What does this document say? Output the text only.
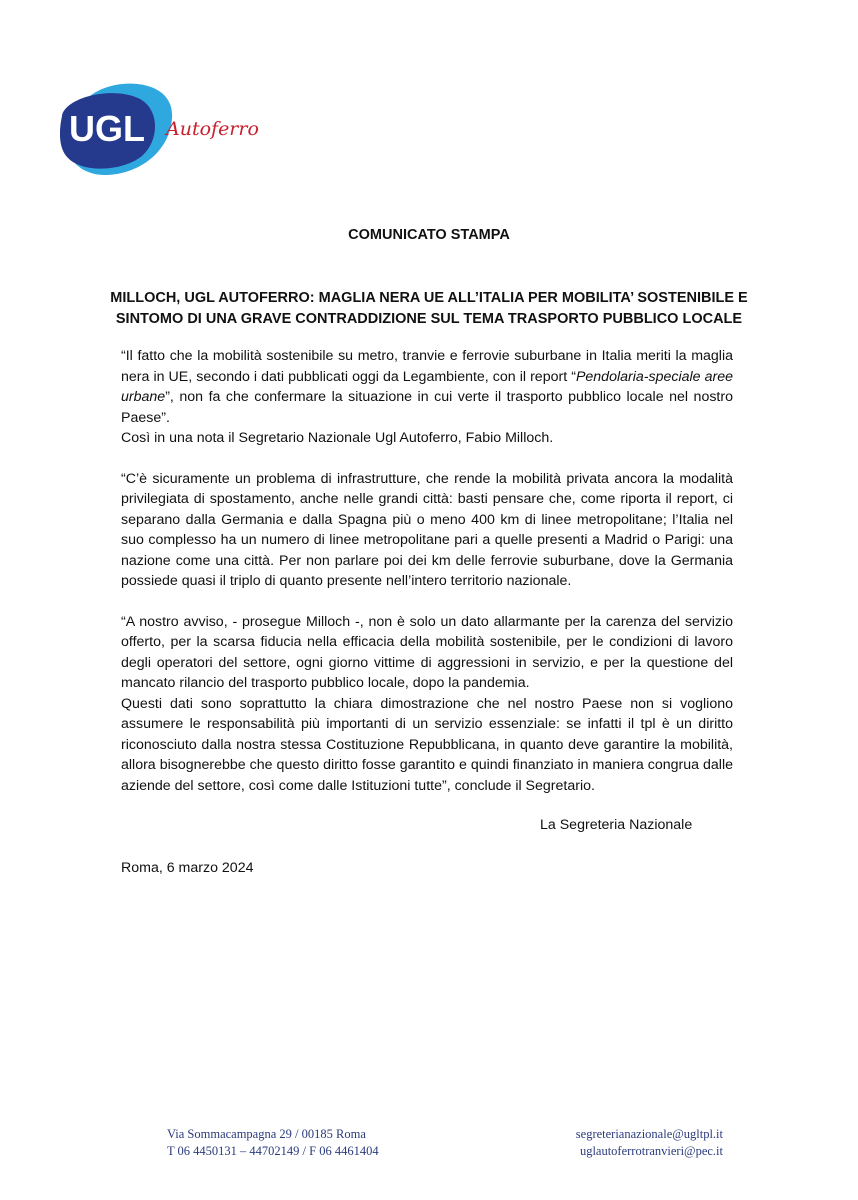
UGL Autoferro
COMUNICATO STAMPA
MILLOCH, UGL AUTOFERRO: MAGLIA NERA UE ALL’ITALIA PER MOBILITA’ SOSTENIBILE E
SINTOMO DI UNA GRAVE CONTRADDIZIONE SUL TEMA TRASPORTO PUBBLICO LOCALE

“Il fatto che la mobilità sostenibile su metro, tranvie e ferrovie suburbane in Italia meriti la maglia nera in UE, secondo i dati pubblicati oggi da Legambiente, con il report “Pendolaria-speciale aree urbane”, non fa che confermare la situazione in cui verte il trasporto pubblico locale nel nostro Paese”.
Così in una nota il Segretario Nazionale Ugl Autoferro, Fabio Milloch.

“C’è sicuramente un problema di infrastrutture, che rende la mobilità privata ancora la modalità privilegiata di spostamento, anche nelle grandi città: basti pensare che, come riporta il report, ci separano dalla Germania e dalla Spagna più o meno 400 km di linee metropolitane; l’Italia nel suo complesso ha un numero di linee metropolitane pari a quelle presenti a Madrid o Parigi: una nazione come una città. Per non parlare poi dei km delle ferrovie suburbane, dove la Germania possiede quasi il triplo di quanto presente nell’intero territorio nazionale.

“A nostro avviso, - prosegue Milloch -, non è solo un dato allarmante per la carenza del servizio offerto, per la scarsa fiducia nella efficacia della mobilità sostenibile, per le condizioni di lavoro degli operatori del settore, ogni giorno vittime di aggressioni in servizio, e per la questione del mancato rilancio del trasporto pubblico locale, dopo la pandemia.

Questi dati sono soprattutto la chiara dimostrazione che nel nostro Paese non si vogliono assumere le responsabilità più importanti di un servizio essenziale: se infatti il tpl è un diritto riconosciuto dalla nostra stessa Costituzione Repubblicana, in quanto deve garantire la mobilità, allora bisognerebbe che questo diritto fosse garantito e quindi finanziato in maniera congrua dalle aziende del settore, così come dalle Istituzioni tutte”, conclude il Segretario.

La Segreteria Nazionale
Roma, 6 marzo 2024
Via Sommacampagna 29 / 00185 Roma
T 06 4450131 – 44702149 / F 06 4461404
segreterianazionale@ugltpl.it
uglautoferrotranvieri@pec.it
